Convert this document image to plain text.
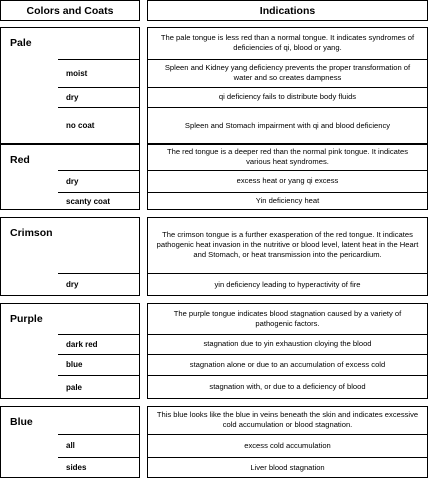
Colors and Coats	Indications
Pale
moist
dry
no coat
Red
dry
scanty coat
Crimson
dry
Purple
dark red
blue
pale
Blue
all
sides
The pale tongue is less red than a normal tongue. It indicates syndromes of deficiencies of qi, blood or yang.
Spleen and Kidney yang deficiency prevents the proper transformation of water and so creates dampness
qi deficiency fails to distribute body fluids
Spleen and Stomach impairment with qi and blood deficiency
The red tongue is a deeper red than the normal pink tongue. It indicates various heat syndromes.
excess heat or yang qi excess
Yin deficiency heat
The crimson tongue is a further exasperation of the red tongue. It indicates pathogenic heat invasion in the nutritive or blood level, latent heat in the Heart and Stomach, or heat transmission into the pericardium.
yin deficiency leading to hyperactivity of fire
The purple tongue indicates blood stagnation caused by a variety of pathogenic factors.
stagnation due to yin exhaustion cloying the blood
stagnation alone or due to an accumulation of excess cold
stagnation with, or due to a deficiency of blood
This blue looks like the blue in veins beneath the skin and indicates excessive cold accumulation or blood stagnation.
excess cold accumulation
Liver blood stagnation
